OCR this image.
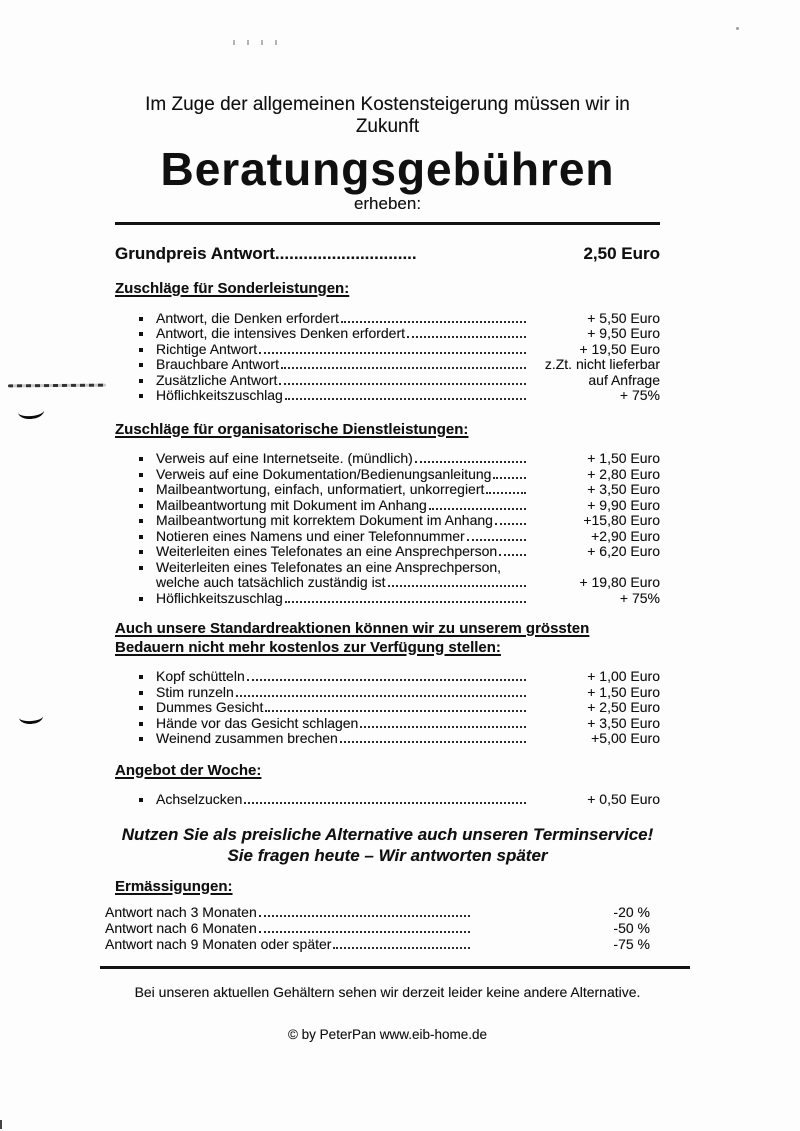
Im Zuge der allgemeinen Kostensteigerung müssen wir in Zukunft
Beratungsgebühren
erheben:
Grundpreis Antwort..............................	2,50 Euro
Zuschläge für Sonderleistungen:
Antwort, die Denken erfordert	+ 5,50 Euro
Antwort, die intensives Denken erfordert	+ 9,50 Euro
Richtige Antwort	+ 19,50 Euro
Brauchbare Antwort	z.Zt. nicht lieferbar
Zusätzliche Antwort	auf Anfrage
Höflichkeitszuschlag	+ 75%
Zuschläge für organisatorische Dienstleistungen:
Verweis auf eine Internetseite. (mündlich)	+ 1,50 Euro
Verweis auf eine Dokumentation/Bedienungsanleitung	+ 2,80 Euro
Mailbeantwortung, einfach, unformatiert, unkorregiert	+ 3,50 Euro
Mailbeantwortung mit Dokument im Anhang	+ 9,90 Euro
Mailbeantwortung mit korrektem Dokument im Anhang	+15,80 Euro
Notieren eines Namens und einer Telefonnummer	+2,90 Euro
Weiterleiten eines Telefonates an eine Ansprechperson	+ 6,20 Euro
Weiterleiten eines Telefonates an eine Ansprechperson,
welche auch tatsächlich zuständig ist	+ 19,80 Euro
Höflichkeitszuschlag	+ 75%
Auch unsere Standardreaktionen können wir zu unserem grössten Bedauern nicht mehr kostenlos zur Verfügung stellen:
Kopf schütteln	+ 1,00 Euro
Stim runzeln	+ 1,50 Euro
Dummes Gesicht	+ 2,50 Euro
Hände vor das Gesicht schlagen	+ 3,50 Euro
Weinend zusammen brechen	+5,00 Euro
Angebot der Woche:
Achselzucken	+ 0,50 Euro
Nutzen Sie als preisliche Alternative auch unseren Terminservice!
Sie fragen heute – Wir antworten später
Ermässigungen:
Antwort nach 3 Monaten	-20 %
Antwort nach 6 Monaten	-50 %
Antwort nach 9 Monaten oder später	-75 %
Bei unseren aktuellen Gehältern sehen wir derzeit leider keine andere Alternative.
© by PeterPan www.eib-home.de
